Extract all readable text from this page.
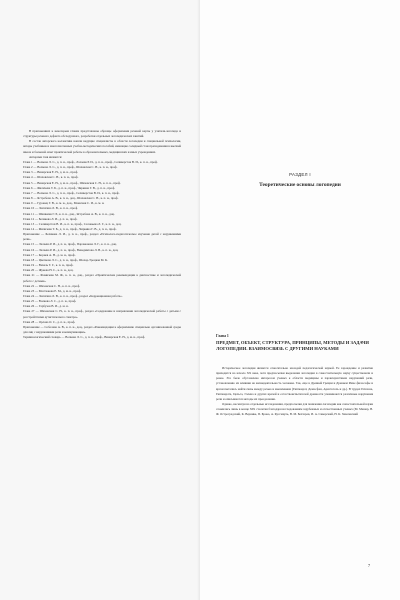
В приложениях к некоторым главам представлены образцы оформления речевой карты у учителя-логопеда и структуры речевого дефекта обследуемого, разработки отдельных логопедических занятий.

В состав авторского коллектива вошли ведущие специалисты в области логопедии и специальной психологии, авторы учебников и многочисленных учебно-методических пособий, имеющие солидный стаж преподавания в высшей школе и большой опыт практической работы в образовательных, медицинских и иных учреждениях.

Авторами глав являются:

Глава 1 — Волкова Л. С., д. п. н., проф., Лалаева Р. И., д. п. н., проф., Селиверстов В. И., к. п. н., проф.

Глава 2 — Волкова Л. С., д. п. н., проф., Шаховская С. Н., к. п. н., проф.

Глава 3 — Винарская Е. Н., д. м. н., проф.

Глава 4 — Шаховская С. Н., к. п. н., проф.

Глава 5 — Винарская Е. Н., д. м. н., проф., Шаховская С. Н., к. п. н., проф.

Глава 6 — Филичева Т. Б., д. п. н., проф., Чиркина Г. В., д. п. н., проф.

Глава 7 — Волкова Л. С., д. п. н., проф., Селиверстов В. И., к. п. н., проф.

Глава 8 — Ястребова А. В., к. п. н., доц., Шаховская С. Н., к. п. н., проф.

Глава 9 — Гуровец Г. В., к. м. н., доц., Маевская С. И., к. м. н.

Глава 10 — Лопатина Л. В., к. п. н., проф.

Глава 11 — Шашкина Г. Р., к. п. н., доц., Ястребова А. В., к. п. н., доц.

Глава 12 — Белякова Л. И., д. п. н., проф.

Глава 13 — Селиверстов В. И., к. п. н., проф., Соловьева Л. Г., к. п. н., доц.

Глава 14 — Филичева Т. Б., д. п. н., проф., Чиркина Г. В., д. п. н., проф.

Приложение — Белякова Л. И., д. п. н., проф., раздел «Психолого-педагогическое изучение детей с нарушениями речи».

Глава 15 — Лалаева Р. И., д. п. н., проф., Парамонова Л. Г., к. п. н., доц.

Глава 16 — Лалаева Р. И., д. п. н., проф., Венедиктова Л. В., к. п. н., доц.

Глава 17 — Корнев А. Н., д. м. н., проф.

Глава 18 — Цветкова Л. С., д. п. н., проф., Шохор-Троцкая М. К.

Глава 19 — Визель Т. Г., к. п. н., проф.

Глава 20 — Жукова Н. С., к. п. н., доц.

Глава 21 — Фомичева М. Ф., к. п. н., доц., раздел «Практические рекомендации к диагностике и логопедической работе с детьми».

Глава 22 — Шаховская С. Н., к. п. н., проф.

Глава 23 — Мастюкова Е. М., д. м. н., проф.

Глава 24 — Лопатина Л. В., к. п. н., проф., раздел «Коррекционная работа».

Глава 25 — Волкова Л. С., д. п. н., проф.

Глава 26 — Гарбузов В. И., д. м. н.

Глава 27 — Шаховская С. Н., к. п. н., проф., раздел «Содержание и направления логопедической работы с детьми с расстройствами аутистического спектра».

Глава 28 — Орлова О. С., д. п. н., проф.

Приложение — Соболева А. В., к. п. н., доц., раздел «Рекомендации к оформлению специально организованной среды для лиц с нарушениями речи и коммуникации».

Терминологический словарь — Волкова Л. С., д. п. н., проф., Винарская Е. Н., д. м. н., проф.

РАЗДЕЛ I
Теоретические основы логопедии
Глава 1
ПРЕДМЕТ, ОБЪЕКТ, СТРУКТУРА, ПРИНЦИПЫ, МЕТОДЫ И ЗАДАЧИ ЛОГОПЕДИИ. ВЗАИМОСВЯЗЬ С ДРУГИМИ НАУКАМИ

Историческое логопедия является относительно молодой педагогической наукой. Ее зарождение и развитие приходится на начало XX века, хотя предпосылки выделения логопедии в самостоятельную науку существовали и ранее. Это было обусловлено интересом ученых к области медицины и характеристикам нарушений речи, установлению их влияния на жизнедеятельность человека. Так, еще в Древней Греции и Древнем Риме философы и врачи пытались найти связь между речью и мышлением (Гиппократ, Демосфен, Аристотель и др.). В трудах Платона, Гиппократа, Цельса, Галена и других врачей и естествоиспытателей древности упоминаются различные нарушения речи и описываются методы их преодоления.

Однако, несмотря на отдельные исследования, предпосылки для появления логопедии как самостоятельной науки сложились лишь в конце XIX столетия благодаря исследованиям зарубежных и отечественных ученых (М. Мешер, В. Ф. Остроградский, К. Вернике, П. Брока, А. Куссмауль, В. М. Бехтерев, И. А. Сикорский, Н. К. Хмелевский

7
